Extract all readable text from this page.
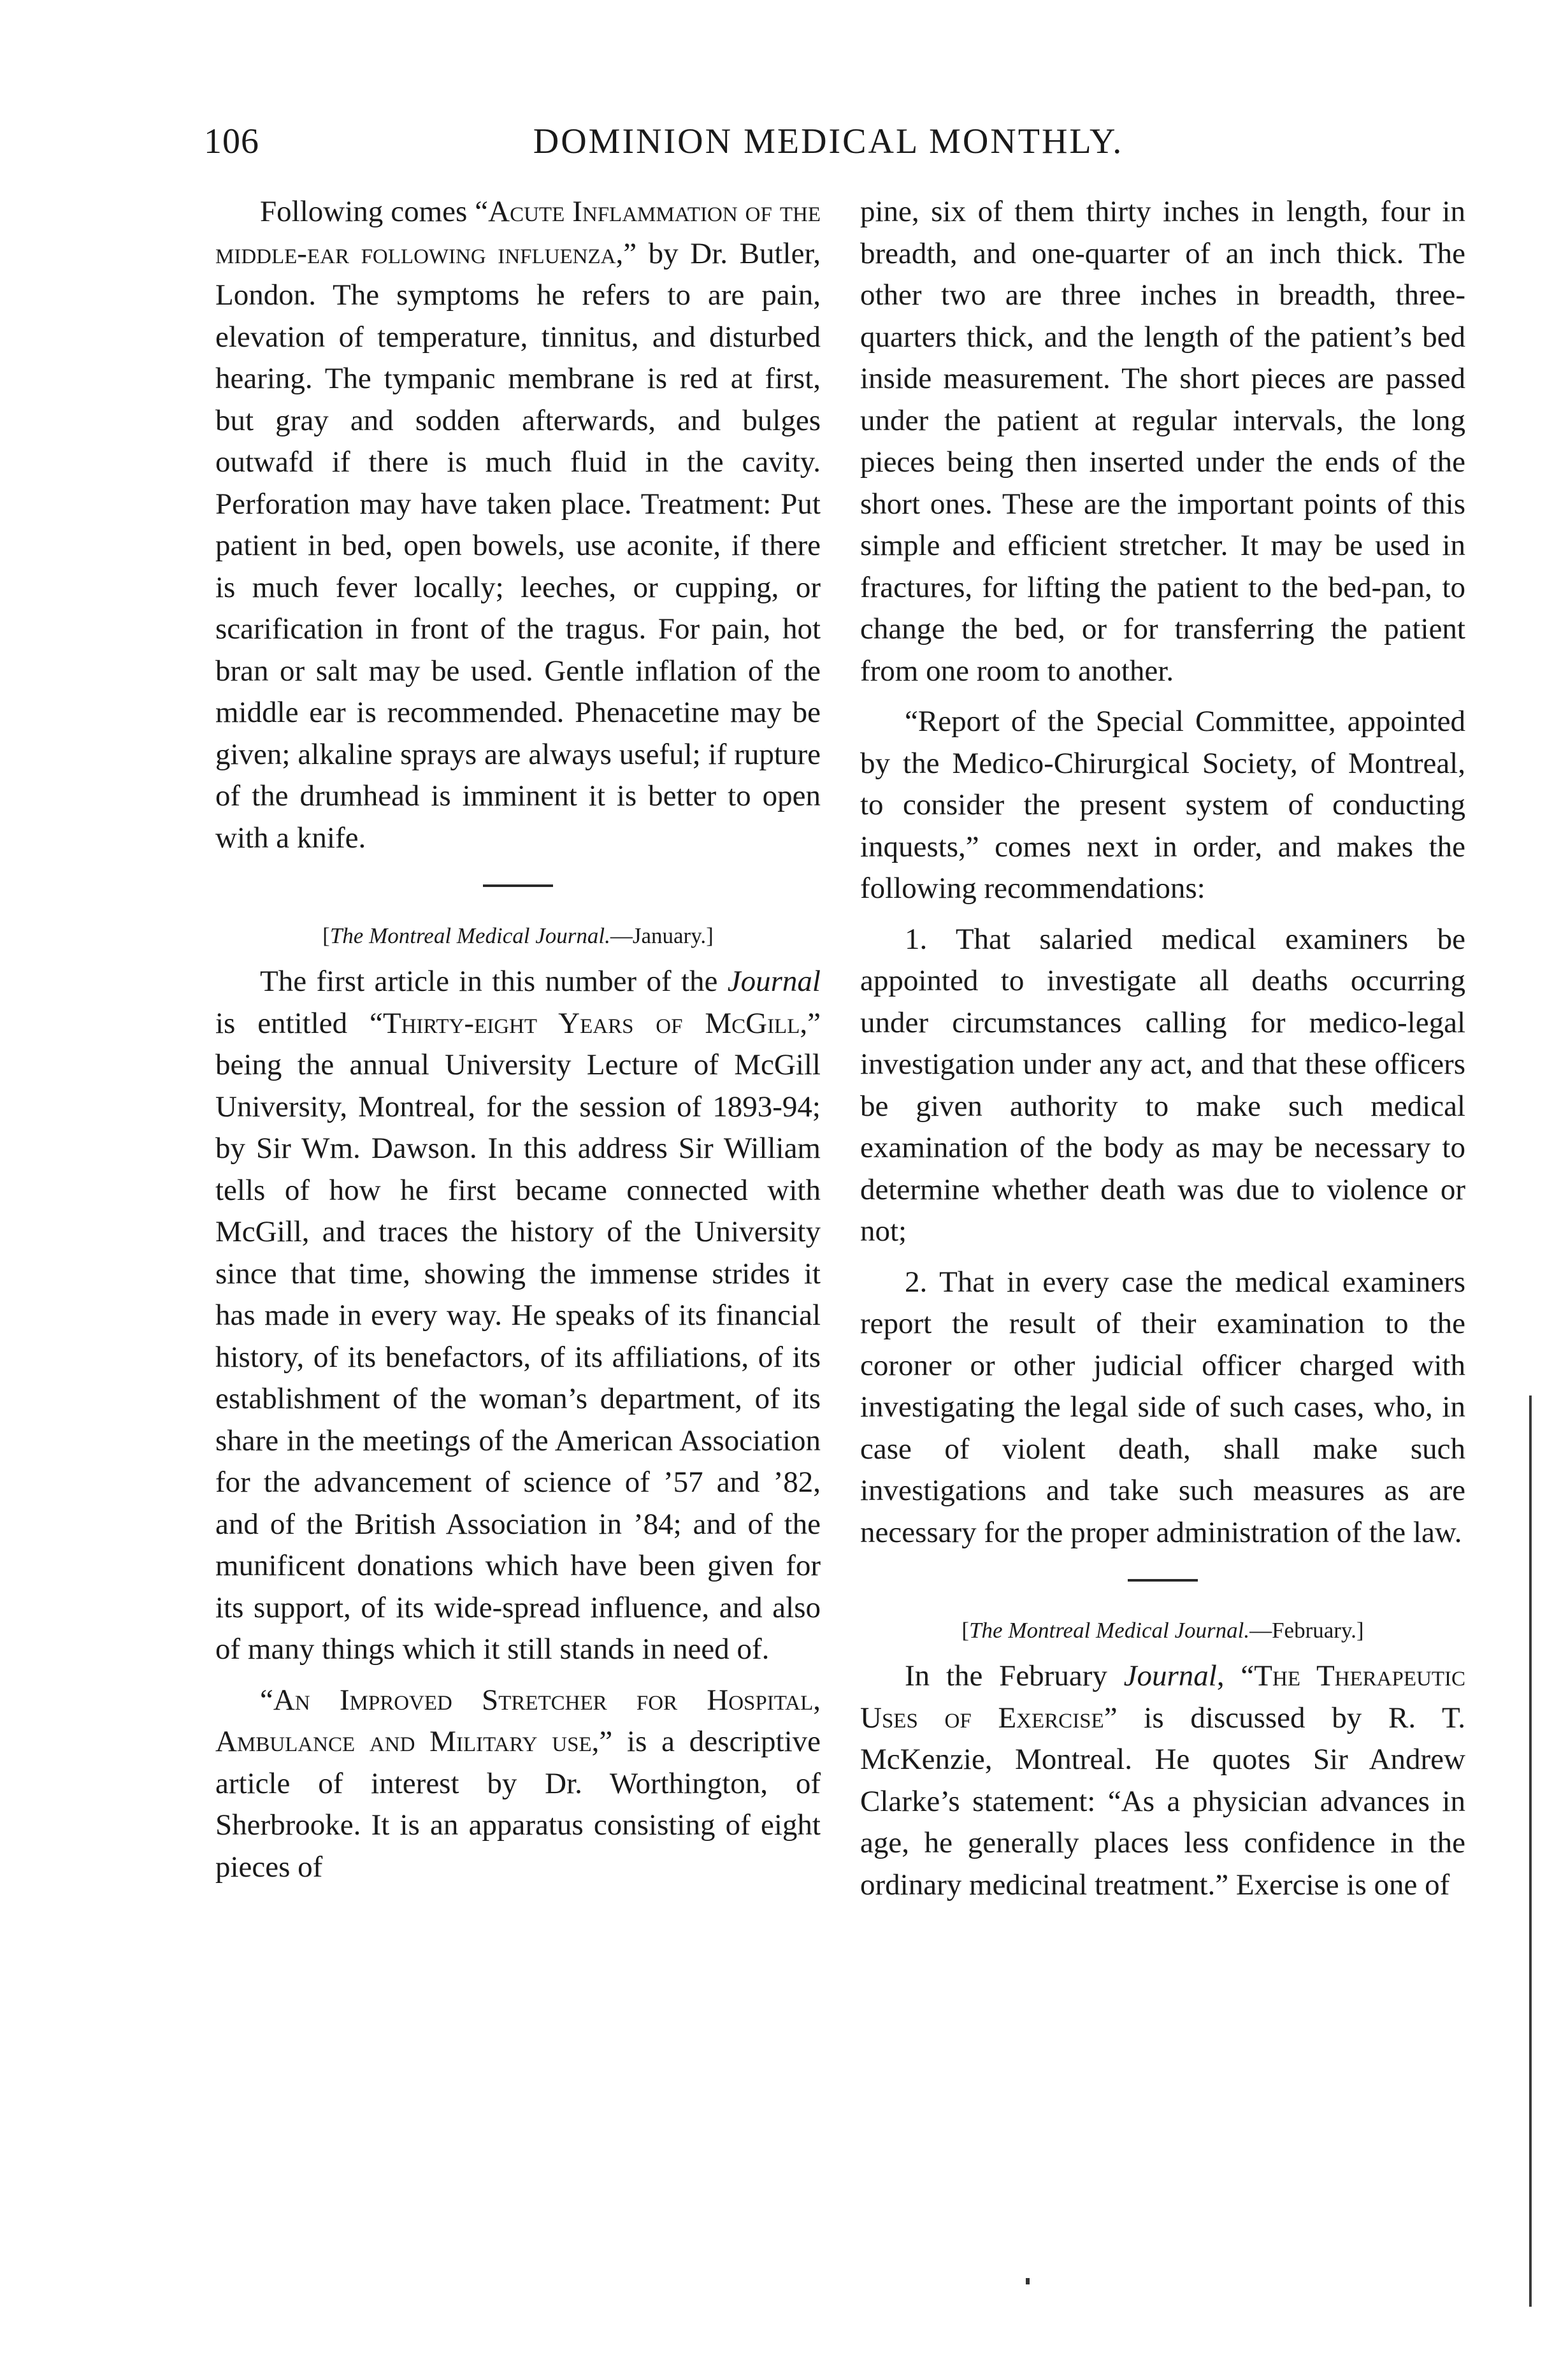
106	DOMINION MEDICAL MONTHLY.

Following comes “Acute Inflammation of the middle-ear following influenza,” by Dr. Butler, London. The symptoms he refers to are pain, elevation of temperature, tinnitus, and disturbed hearing. The tympanic membrane is red at first, but gray and sodden afterwards, and bulges outwafd if there is much fluid in the cavity. Perforation may have taken place. Treatment: Put patient in bed, open bowels, use aconite, if there is much fever locally; leeches, or cupping, or scarification in front of the tragus. For pain, hot bran or salt may be used. Gentle inflation of the middle ear is recommended. Phenacetine may be given; alkaline sprays are always useful; if rupture of the drumhead is imminent it is better to open with a knife.

[The Montreal Medical Journal.—January.]

The first article in this number of the Journal is entitled “Thirty-eight Years of McGill,” being the annual University Lecture of McGill University, Montreal, for the session of 1893-94; by Sir Wm. Dawson. In this address Sir William tells of how he first became connected with McGill, and traces the history of the University since that time, showing the immense strides it has made in every way. He speaks of its financial history, of its benefactors, of its affiliations, of its establishment of the woman’s department, of its share in the meetings of the American Association for the advancement of science of ’57 and ’82, and of the British Association in ’84; and of the munificent donations which have been given for its support, of its wide-spread influence, and also of many things which it still stands in need of.

“An Improved Stretcher for Hospital, Ambulance and Military use,” is a descriptive article of interest by Dr. Worthington, of Sherbrooke. It is an apparatus consisting of eight pieces of

pine, six of them thirty inches in length, four in breadth, and one-quarter of an inch thick. The other two are three inches in breadth, three-quarters thick, and the length of the patient’s bed inside measurement. The short pieces are passed under the patient at regular intervals, the long pieces being then inserted under the ends of the short ones. These are the important points of this simple and efficient stretcher. It may be used in fractures, for lifting the patient to the bed-pan, to change the bed, or for transferring the patient from one room to another.

“Report of the Special Committee, appointed by the Medico-Chirurgical Society, of Montreal, to consider the present system of conducting inquests,” comes next in order, and makes the following recommendations:

1. That salaried medical examiners be appointed to investigate all deaths occurring under circumstances calling for medico-legal investigation under any act, and that these officers be given authority to make such medical examination of the body as may be necessary to determine whether death was due to violence or not;

2. That in every case the medical examiners report the result of their examination to the coroner or other judicial officer charged with investigating the legal side of such cases, who, in case of violent death, shall make such investigations and take such measures as are necessary for the proper administration of the law.

[The Montreal Medical Journal.—February.]

In the February Journal, “The Therapeutic Uses of Exercise” is discussed by R. T. McKenzie, Montreal. He quotes Sir Andrew Clarke’s statement: “As a physician advances in age, he generally places less confidence in the ordinary medicinal treatment.” Exercise is one of
